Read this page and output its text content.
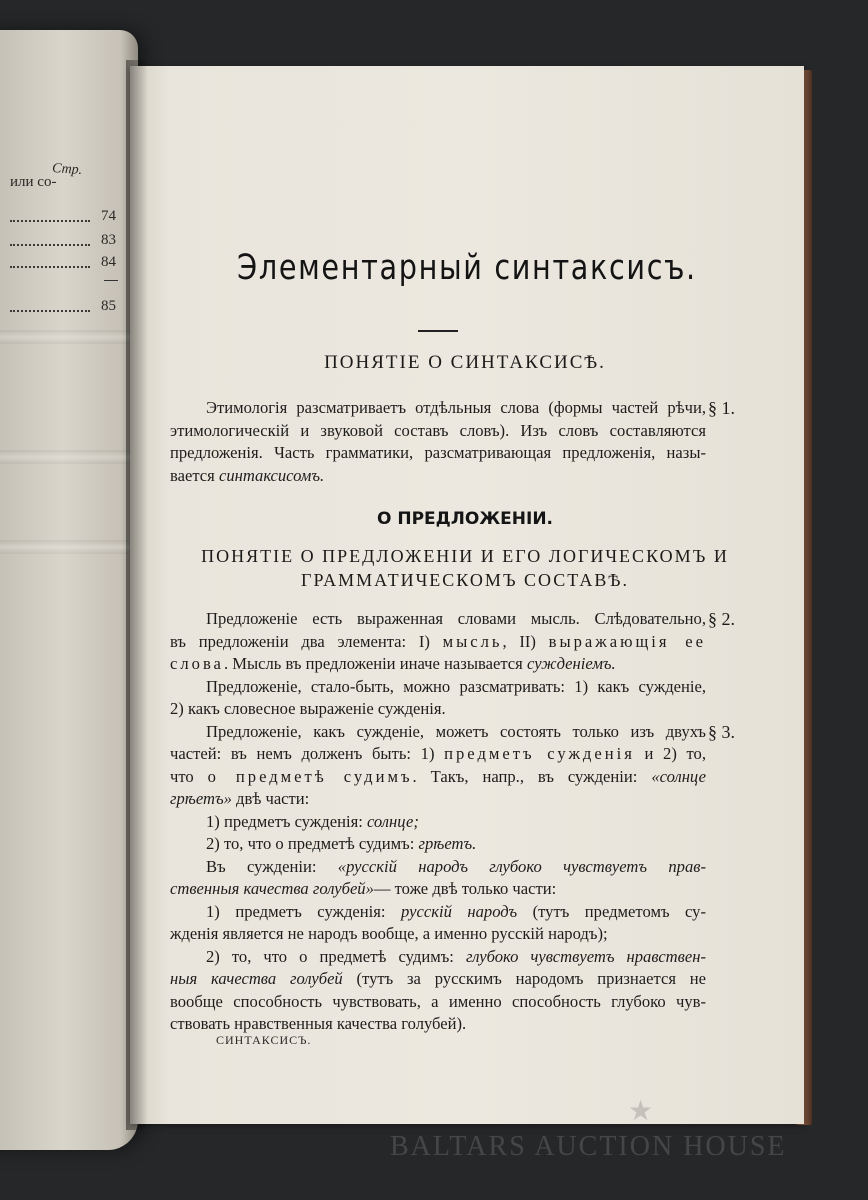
Стр.
или со-
74
83
84
85
Элементарный синтаксисъ.
ПОНЯТІЕ О СИНТАКСИСѢ.
Этимологія разсматриваетъ отдѣльныя слова (формы частей рѣчи,
этимологическій и звуковой составъ словъ). Изъ словъ составляются
предложенія. Часть грамматики, разсматривающая предложенія, назы-
вается синтаксисомъ.
§ 1.
О ПРЕДЛОЖЕНІИ.
ПОНЯТІЕ О ПРЕДЛОЖЕНІИ И ЕГО ЛОГИЧЕСКОМЪ И
ГРАММАТИЧЕСКОМЪ СОСТАВѢ.
Предложеніе есть выраженная словами мысль. Слѣдовательно,
въ предложеніи два элемента: I) мысль, II) выражающія ее
слова. Мысль въ предложеніи иначе называется сужденіемъ.
Предложеніе, стало-быть, можно разсматривать: 1) какъ сужденіе,
2) какъ словесное выраженіе сужденія.
Предложеніе, какъ сужденіе, можетъ состоять только изъ двухъ
частей: въ немъ долженъ быть: 1) предметъ сужденія и 2) то,
что о предметѣ судимъ. Такъ, напр., въ сужденіи: «солнце
грѣетъ» двѣ части:
1) предметъ сужденія: солнце;
2) то, что о предметѣ судимъ: грѣетъ.
Въ сужденіи: «русскій народъ глубоко чувствуетъ прав-
ственныя качества голубей»— тоже двѣ только части:
1) предметъ сужденія: русскій народъ (тутъ предметомъ су-
жденія является не народъ вообще, а именно русскій народъ);
2) то, что о предметѣ судимъ: глубоко чувствуетъ нравствен-
ныя качества голубей (тутъ за русскимъ народомъ признается не
вообще способность чувствовать, а именно способность глубоко чув-
ствовать нравственныя качества голубей).
§ 2.
§ 3.
СИНТАКСИСЪ.
★
BALTARS AUCTION HOUSE
